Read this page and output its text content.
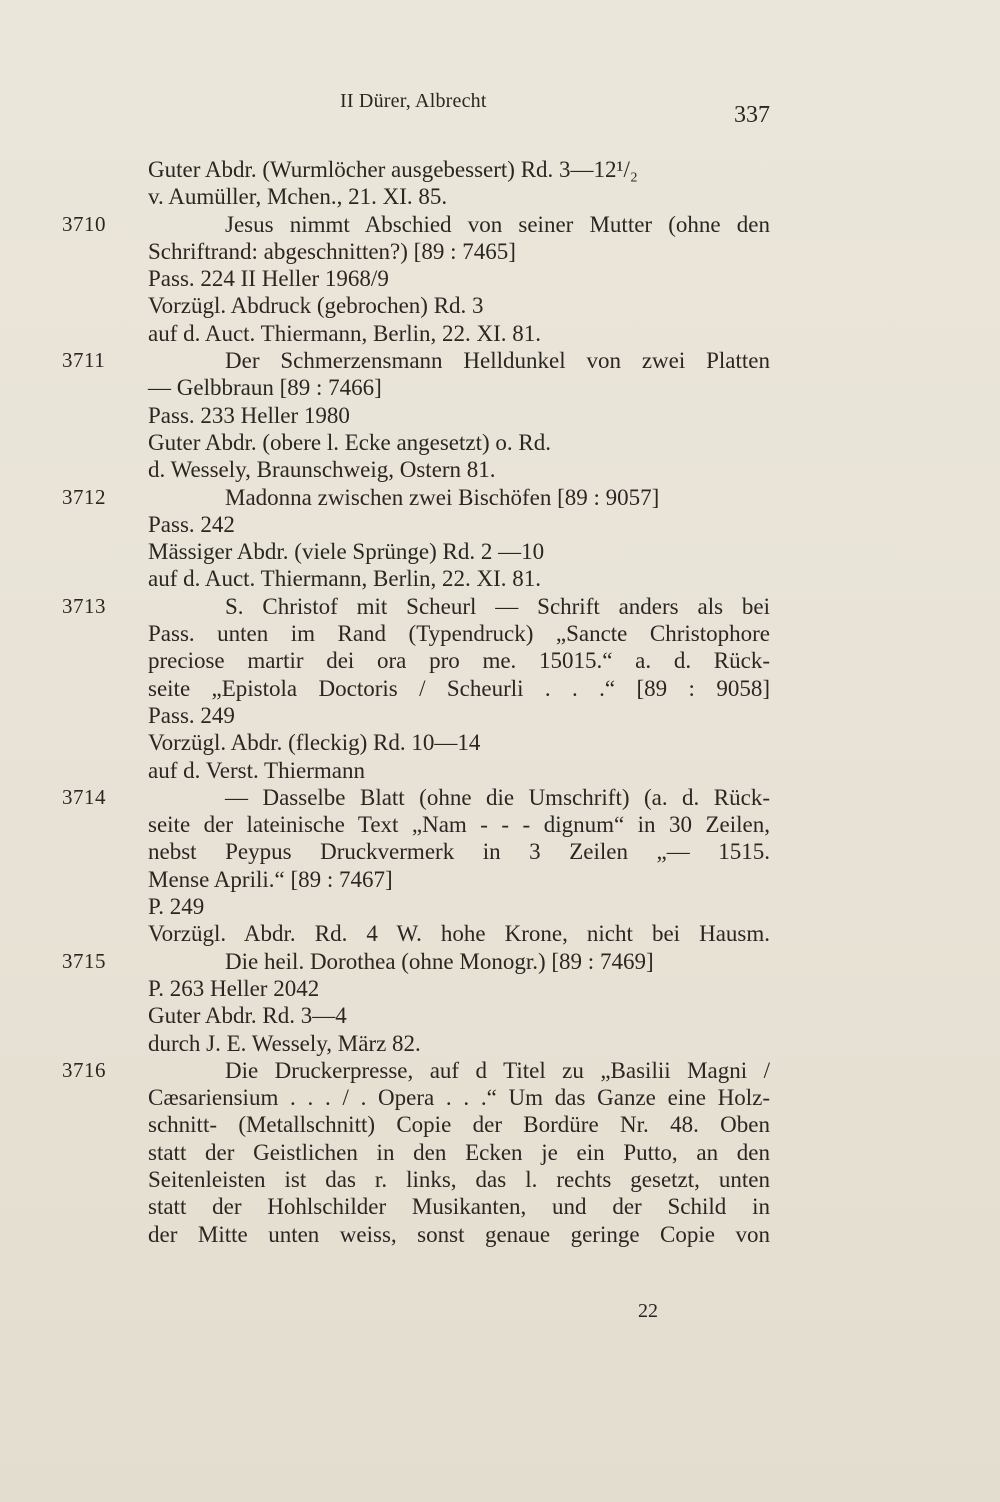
II Dürer, Albrecht
337
Guter Abdr. (Wurmlöcher ausgebessert) Rd. 3—12¹/₂
v. Aumüller, Mchen., 21. XI. 85.
3710	Jesus nimmt Abschied von seiner Mutter (ohne den
Schriftrand: abgeschnitten?) [89 : 7465]
Pass. 224 II Heller 1968/9
Vorzügl. Abdruck (gebrochen) Rd. 3
auf d. Auct. Thiermann, Berlin, 22. XI. 81.
3711	Der Schmerzensmann Helldunkel von zwei Platten
— Gelbbraun [89 : 7466]
Pass. 233 Heller 1980
Guter Abdr. (obere l. Ecke angesetzt) o. Rd.
d. Wessely, Braunschweig, Ostern 81.
3712	Madonna zwischen zwei Bischöfen [89 : 9057]
Pass. 242
Mässiger Abdr. (viele Sprünge) Rd. 2 —10
auf d. Auct. Thiermann, Berlin, 22. XI. 81.
3713	S. Christof mit Scheurl — Schrift anders als bei
Pass. unten im Rand (Typendruck) „Sancte Christophore
preciose martir dei ora pro me. 15015.“ a. d. Rück-
seite „Epistola Doctoris / Scheurli . . .“ [89 : 9058]
Pass. 249
Vorzügl. Abdr. (fleckig) Rd. 10—14
auf d. Verst. Thiermann
3714	— Dasselbe Blatt (ohne die Umschrift) (a. d. Rück-
seite der lateinische Text „Nam - - - dignum“ in 30 Zeilen,
nebst Peypus Druckvermerk in 3 Zeilen „— 1515.
Mense Aprili.“ [89 : 7467]
P. 249
Vorzügl. Abdr. Rd. 4 W. hohe Krone, nicht bei Hausm.
3715	Die heil. Dorothea (ohne Monogr.) [89 : 7469]
P. 263 Heller 2042
Guter Abdr. Rd. 3—4
durch J. E. Wessely, März 82.
3716	Die Druckerpresse, auf d Titel zu „Basilii Magni /
Cæsariensium . . . / . Opera . . .“ Um das Ganze eine Holz-
schnitt- (Metallschnitt) Copie der Bordüre Nr. 48. Oben
statt der Geistlichen in den Ecken je ein Putto, an den
Seitenleisten ist das r. links, das l. rechts gesetzt, unten
statt der Hohlschilder Musikanten, und der Schild in
der Mitte unten weiss, sonst genaue geringe Copie von
22
